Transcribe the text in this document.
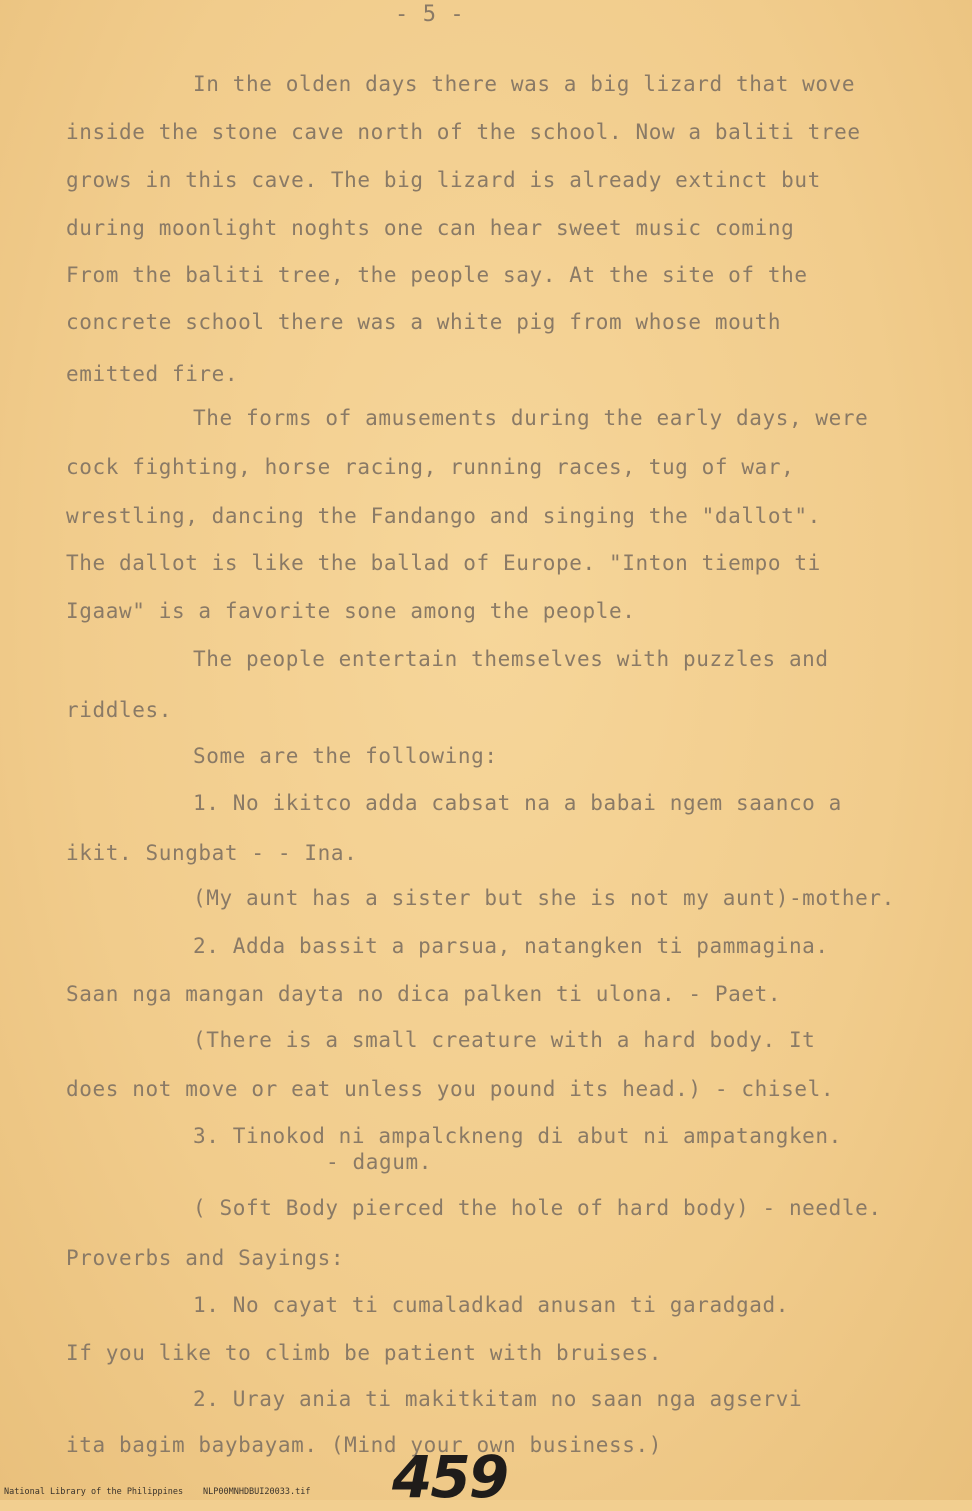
- 5 -
In the olden days there was a big lizard that wove
inside the stone cave north of the school. Now a baliti tree
grows in this cave. The big lizard is already extinct but
during moonlight noghts one can hear sweet music coming
From the baliti tree, the people say. At the site of the
concrete school there was a white pig from whose mouth
emitted fire.
The forms of amusements during the early days, were
cock fighting, horse racing, running races, tug of war,
wrestling, dancing the Fandango and singing the "dallot".
The dallot is like the ballad of Europe. "Inton tiempo ti
Igaaw" is a favorite sone among the people.
The people entertain themselves with puzzles and
riddles.
Some are the following:
1. No ikitco adda cabsat na a babai ngem saanco a
ikit. Sungbat - - Ina.
(My aunt has a sister but she is not my aunt)-mother.
2. Adda bassit a parsua, natangken ti pammagina.
Saan nga mangan dayta no dica palken ti ulona. - Paet.
(There is a small creature with a hard body. It
does not move or eat unless you pound its head.) - chisel.
3. Tinokod ni ampalckneng di abut ni ampatangken.
- dagum.
( Soft Body pierced the hole of hard body) - needle.
Proverbs and Sayings:
1. No cayat ti cumaladkad anusan ti garadgad.
If you like to climb be patient with bruises.
2. Uray ania ti makitkitam no saan nga agservi
ita bagim baybayam. (Mind your own business.)
459
National Library of the Philippines NLP00MNHDBUI20033.tif
